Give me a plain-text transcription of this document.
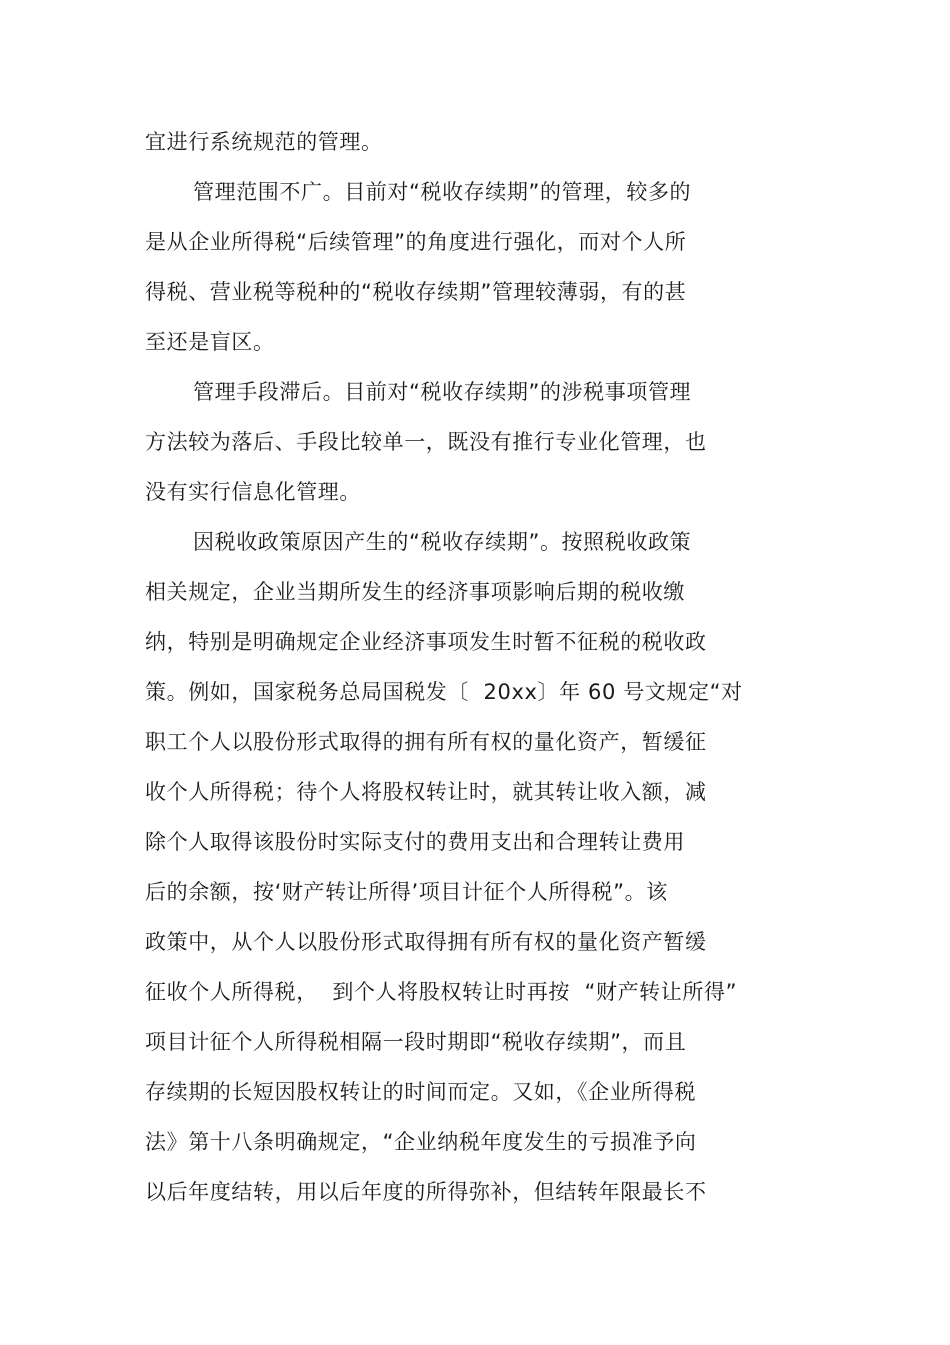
宜进行系统规范的管理。
管理范围不广。目前对“税收存续期”的管理，较多的
是从企业所得税“后续管理”的角度进行强化，而对个人所
得税、营业税等税种的“税收存续期”管理较薄弱，有的甚
至还是盲区。
管理手段滞后。目前对“税收存续期”的涉税事项管理
方法较为落后、手段比较单一，既没有推行专业化管理，也
没有实行信息化管理。
因税收政策原因产生的“税收存续期”。按照税收政策
相关规定，企业当期所发生的经济事项影响后期的税收缴
纳，特别是明确规定企业经济事项发生时暂不征税的税收政
策。例如，国家税务总局国税发〔  20xx〕年 60 号文规定“对
职工个人以股份形式取得的拥有所有权的量化资产，暂缓征
收个人所得税；待个人将股权转让时，就其转让收入额，减
除个人取得该股份时实际支付的费用支出和合理转让费用
后的余额，按‘财产转让所得’项目计征个人所得税”。该
政策中，从个人以股份形式取得拥有所有权的量化资产暂缓
征收个人所得税，  到个人将股权转让时再按  “财产转让所得”
项目计征个人所得税相隔一段时期即“税收存续期”，而且
存续期的长短因股权转让的时间而定。又如，《企业所得税
法》第十八条明确规定，“企业纳税年度发生的亏损准予向
以后年度结转，用以后年度的所得弥补，但结转年限最长不
